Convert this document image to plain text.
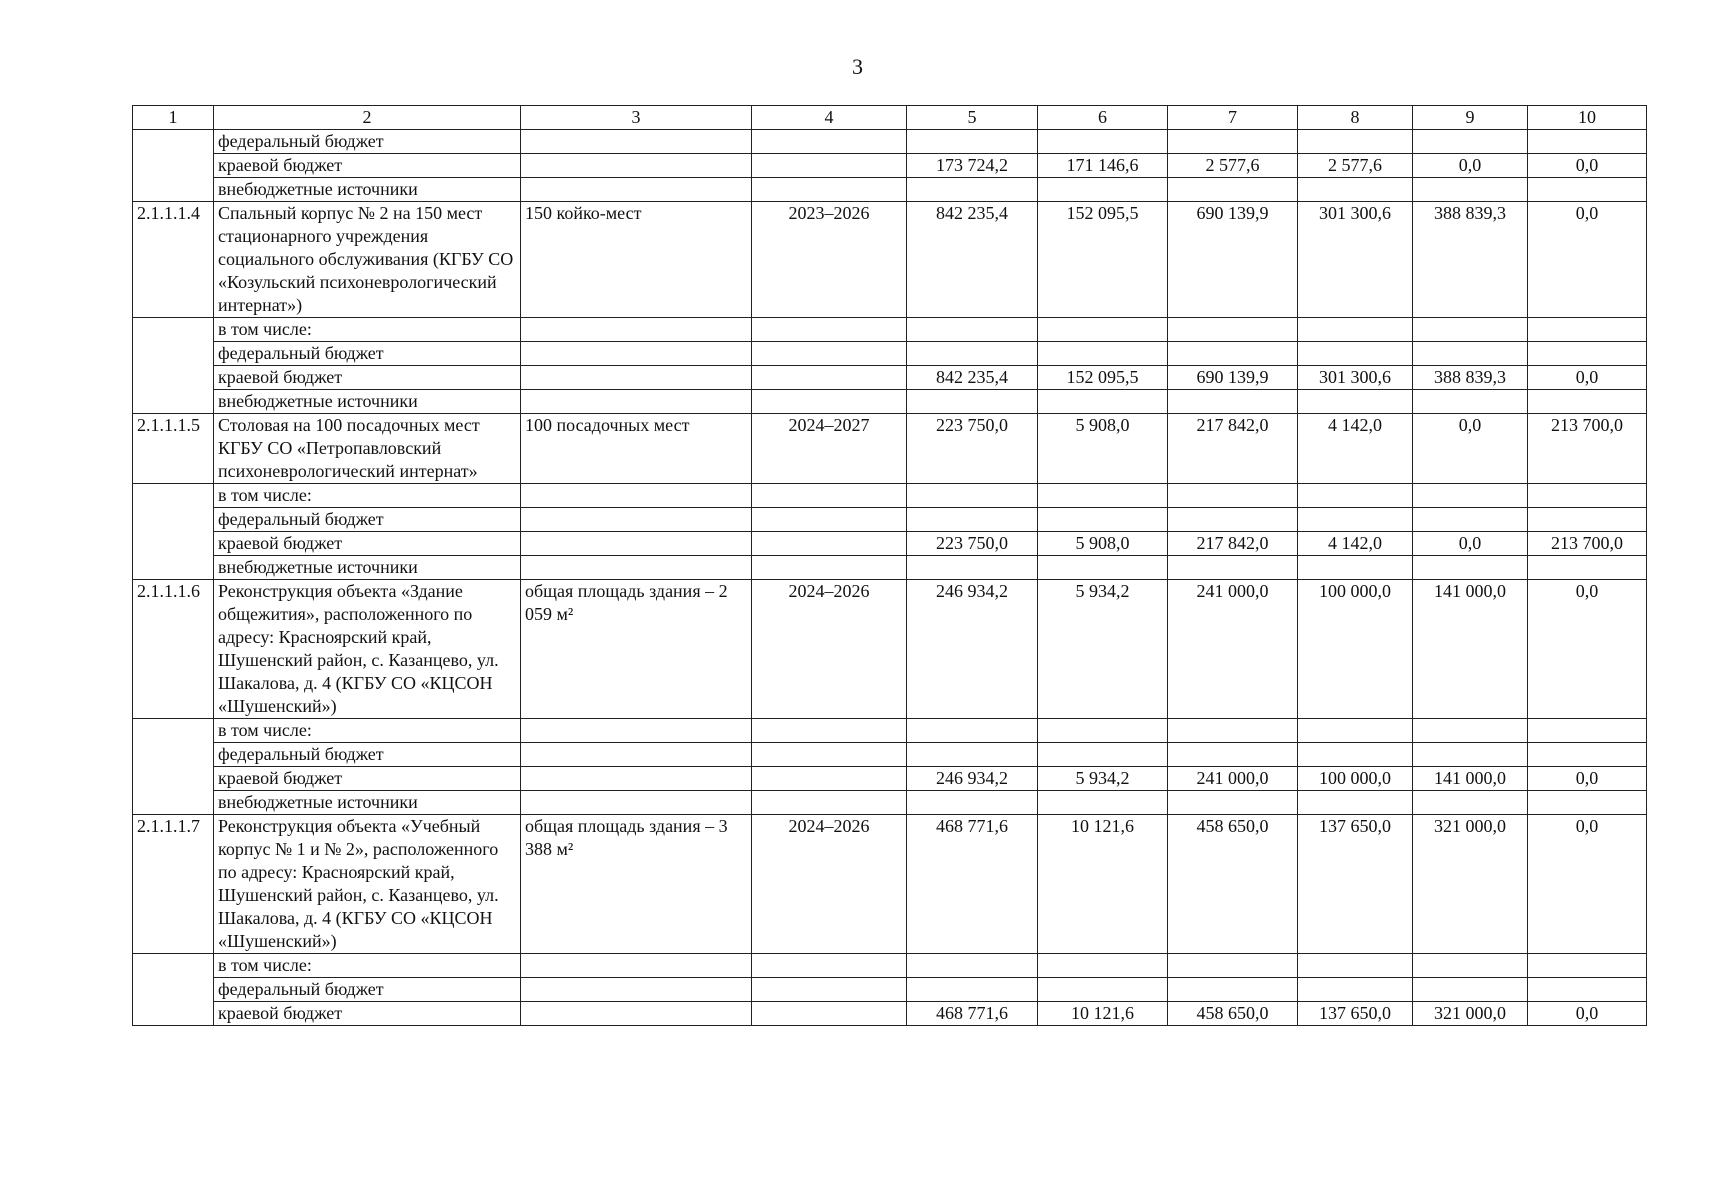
3
1	2	3	4	5	6	7	8	9	10
	федеральный бюджет								
	краевой бюджет			173 724,2	171 146,6	2 577,6	2 577,6	0,0	0,0
	внебюджетные источники								
2.1.1.1.4	Спальный корпус № 2 на 150 мест стационарного учреждения социального обслуживания (КГБУ СО «Козульский психоневрологический интернат»)	150 койко-мест	2023–2026	842 235,4	152 095,5	690 139,9	301 300,6	388 839,3	0,0
	в том числе:								
	федеральный бюджет								
	краевой бюджет			842 235,4	152 095,5	690 139,9	301 300,6	388 839,3	0,0
	внебюджетные источники								
2.1.1.1.5	Столовая на 100 посадочных мест КГБУ СО «Петропавловский психоневрологический интернат»	100 посадочных мест	2024–2027	223 750,0	5 908,0	217 842,0	4 142,0	0,0	213 700,0
	в том числе:								
	федеральный бюджет								
	краевой бюджет			223 750,0	5 908,0	217 842,0	4 142,0	0,0	213 700,0
	внебюджетные источники								
2.1.1.1.6	Реконструкция объекта «Здание общежития», расположенного по адресу: Красноярский край, Шушенский район, с. Казанцево, ул. Шакалова, д. 4 (КГБУ СО «КЦСОН «Шушенский»)	общая площадь здания – 2 059 м²	2024–2026	246 934,2	5 934,2	241 000,0	100 000,0	141 000,0	0,0
	в том числе:								
	федеральный бюджет								
	краевой бюджет			246 934,2	5 934,2	241 000,0	100 000,0	141 000,0	0,0
	внебюджетные источники								
2.1.1.1.7	Реконструкция объекта «Учебный корпус № 1 и № 2», расположенного по адресу: Красноярский край, Шушенский район, с. Казанцево, ул. Шакалова, д. 4 (КГБУ СО «КЦСОН «Шушенский»)	общая площадь здания – 3 388 м²	2024–2026	468 771,6	10 121,6	458 650,0	137 650,0	321 000,0	0,0
	в том числе:								
	федеральный бюджет								
	краевой бюджет			468 771,6	10 121,6	458 650,0	137 650,0	321 000,0	0,0
